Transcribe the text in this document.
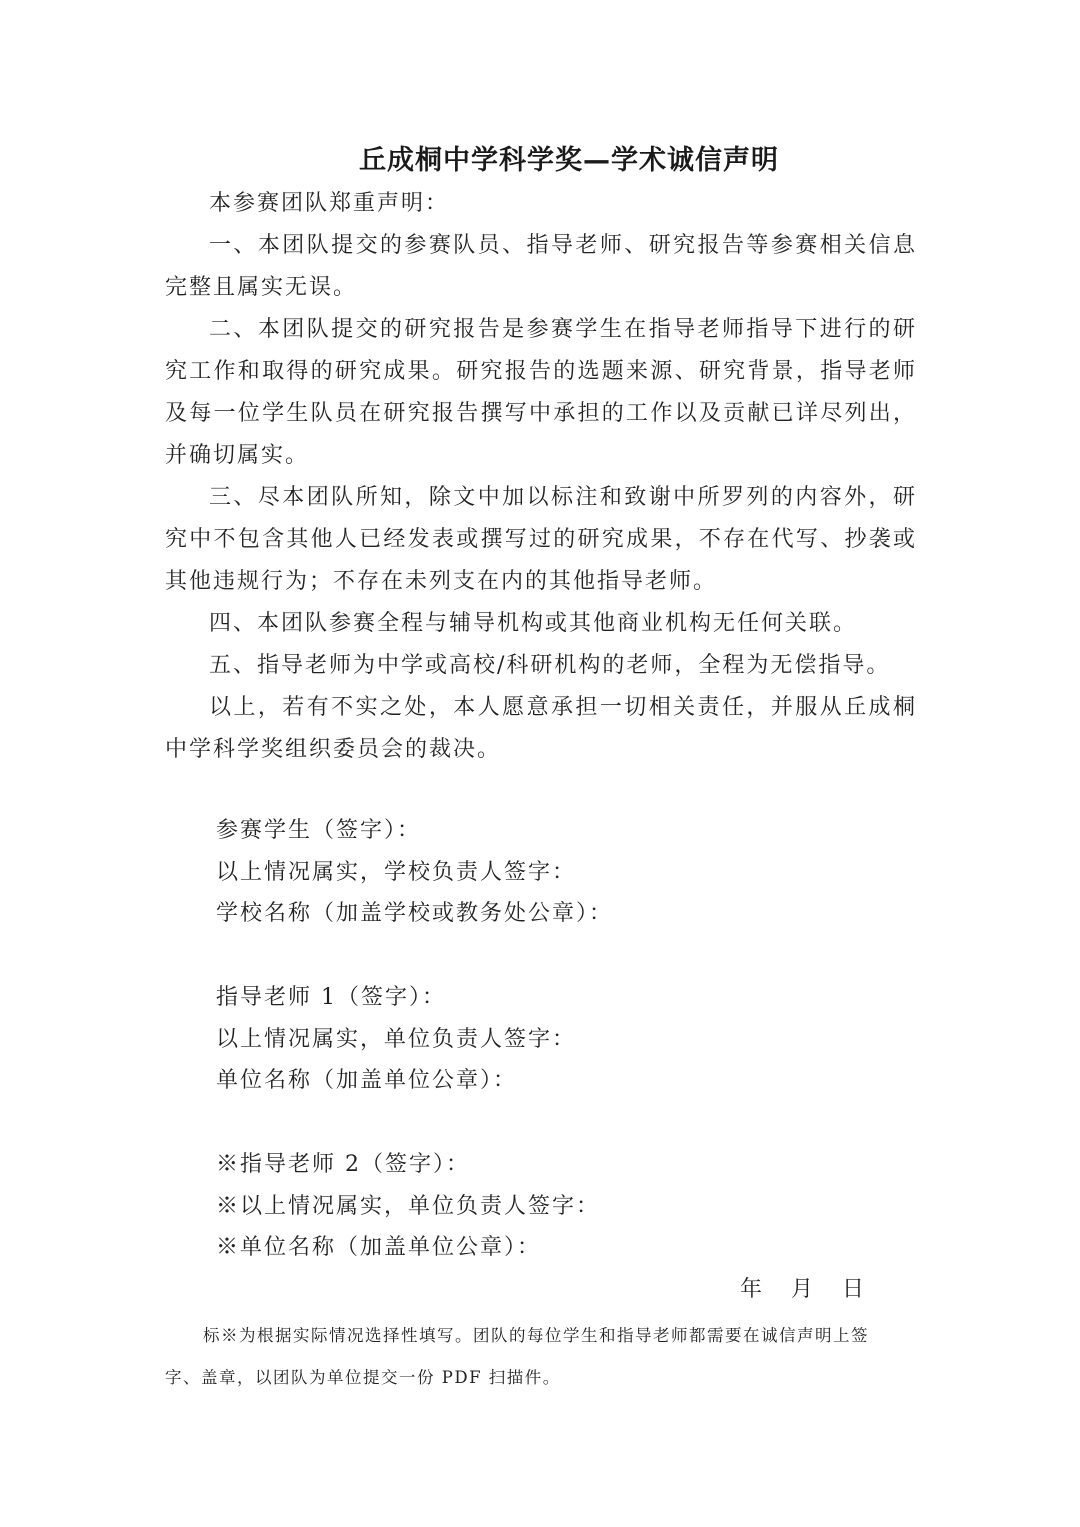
丘成桐中学科学奖—学术诚信声明

本参赛团队郑重声明：

一、本团队提交的参赛队员、指导老师、研究报告等参赛相关信息完整且属实无误。

二、本团队提交的研究报告是参赛学生在指导老师指导下进行的研究工作和取得的研究成果。研究报告的选题来源、研究背景，指导老师及每一位学生队员在研究报告撰写中承担的工作以及贡献已详尽列出，并确切属实。

三、尽本团队所知，除文中加以标注和致谢中所罗列的内容外，研究中不包含其他人已经发表或撰写过的研究成果，不存在代写、抄袭或其他违规行为；不存在未列支在内的其他指导老师。

四、本团队参赛全程与辅导机构或其他商业机构无任何关联。

五、指导老师为中学或高校/科研机构的老师，全程为无偿指导。

以上，若有不实之处，本人愿意承担一切相关责任，并服从丘成桐中学科学奖组织委员会的裁决。

参赛学生（签字）：
以上情况属实，学校负责人签字：
学校名称（加盖学校或教务处公章）：
指导老师 1（签字）：
以上情况属实，单位负责人签字：
单位名称（加盖单位公章）：
※指导老师 2（签字）：
※以上情况属实，单位负责人签字：
※单位名称（加盖单位公章）：
年   月   日

标※为根据实际情况选择性填写。团队的每位学生和指导老师都需要在诚信声明上签字、盖章，以团队为单位提交一份 PDF 扫描件。
